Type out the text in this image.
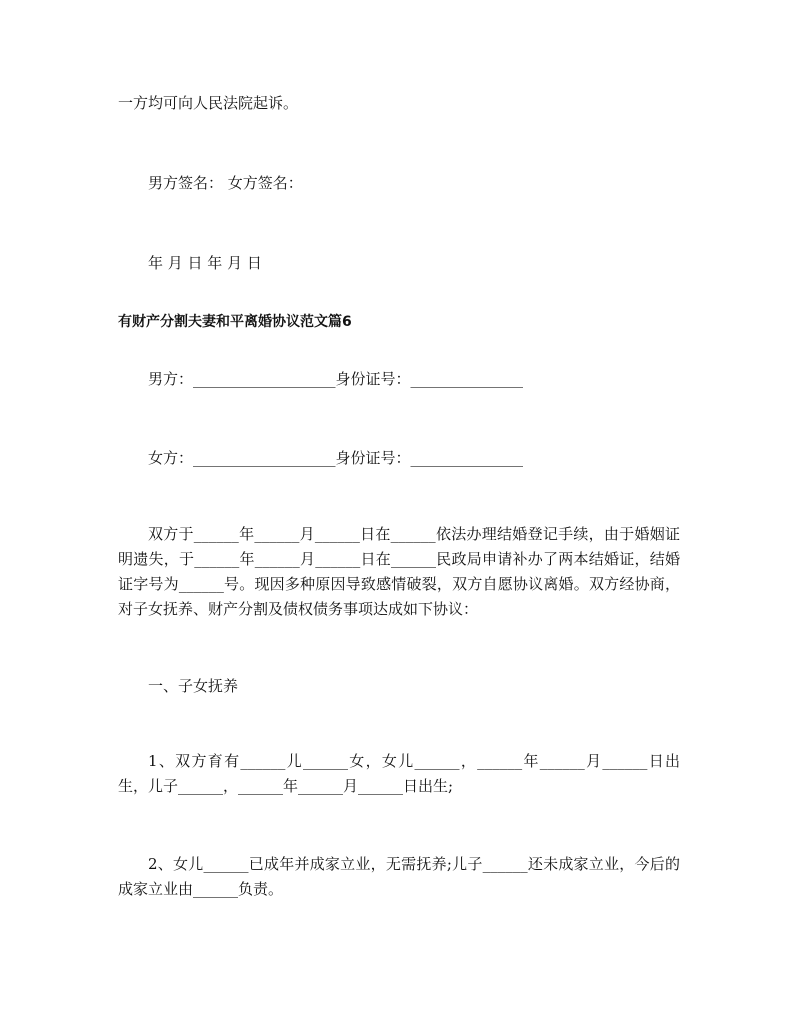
一方均可向人民法院起诉。
男方签名： 女方签名：
年 月 日 年 月 日
有财产分割夫妻和平离婚协议范文篇6
男方：___________________身份证号：_______________
女方：___________________身份证号：_______________
双方于______年______月______日在______依法办理结婚登记手续，由于婚姻证明遗失，于______年______月______日在______民政局申请补办了两本结婚证，结婚证字号为______号。现因多种原因导致感情破裂，双方自愿协议离婚。双方经协商，对子女抚养、财产分割及债权债务事项达成如下协议：
一、子女抚养
1、双方育有______儿______女，女儿______，______年______月______日出生，儿子______，______年______月______日出生;
2、女儿______已成年并成家立业，无需抚养;儿子______还未成家立业，今后的成家立业由______负责。
